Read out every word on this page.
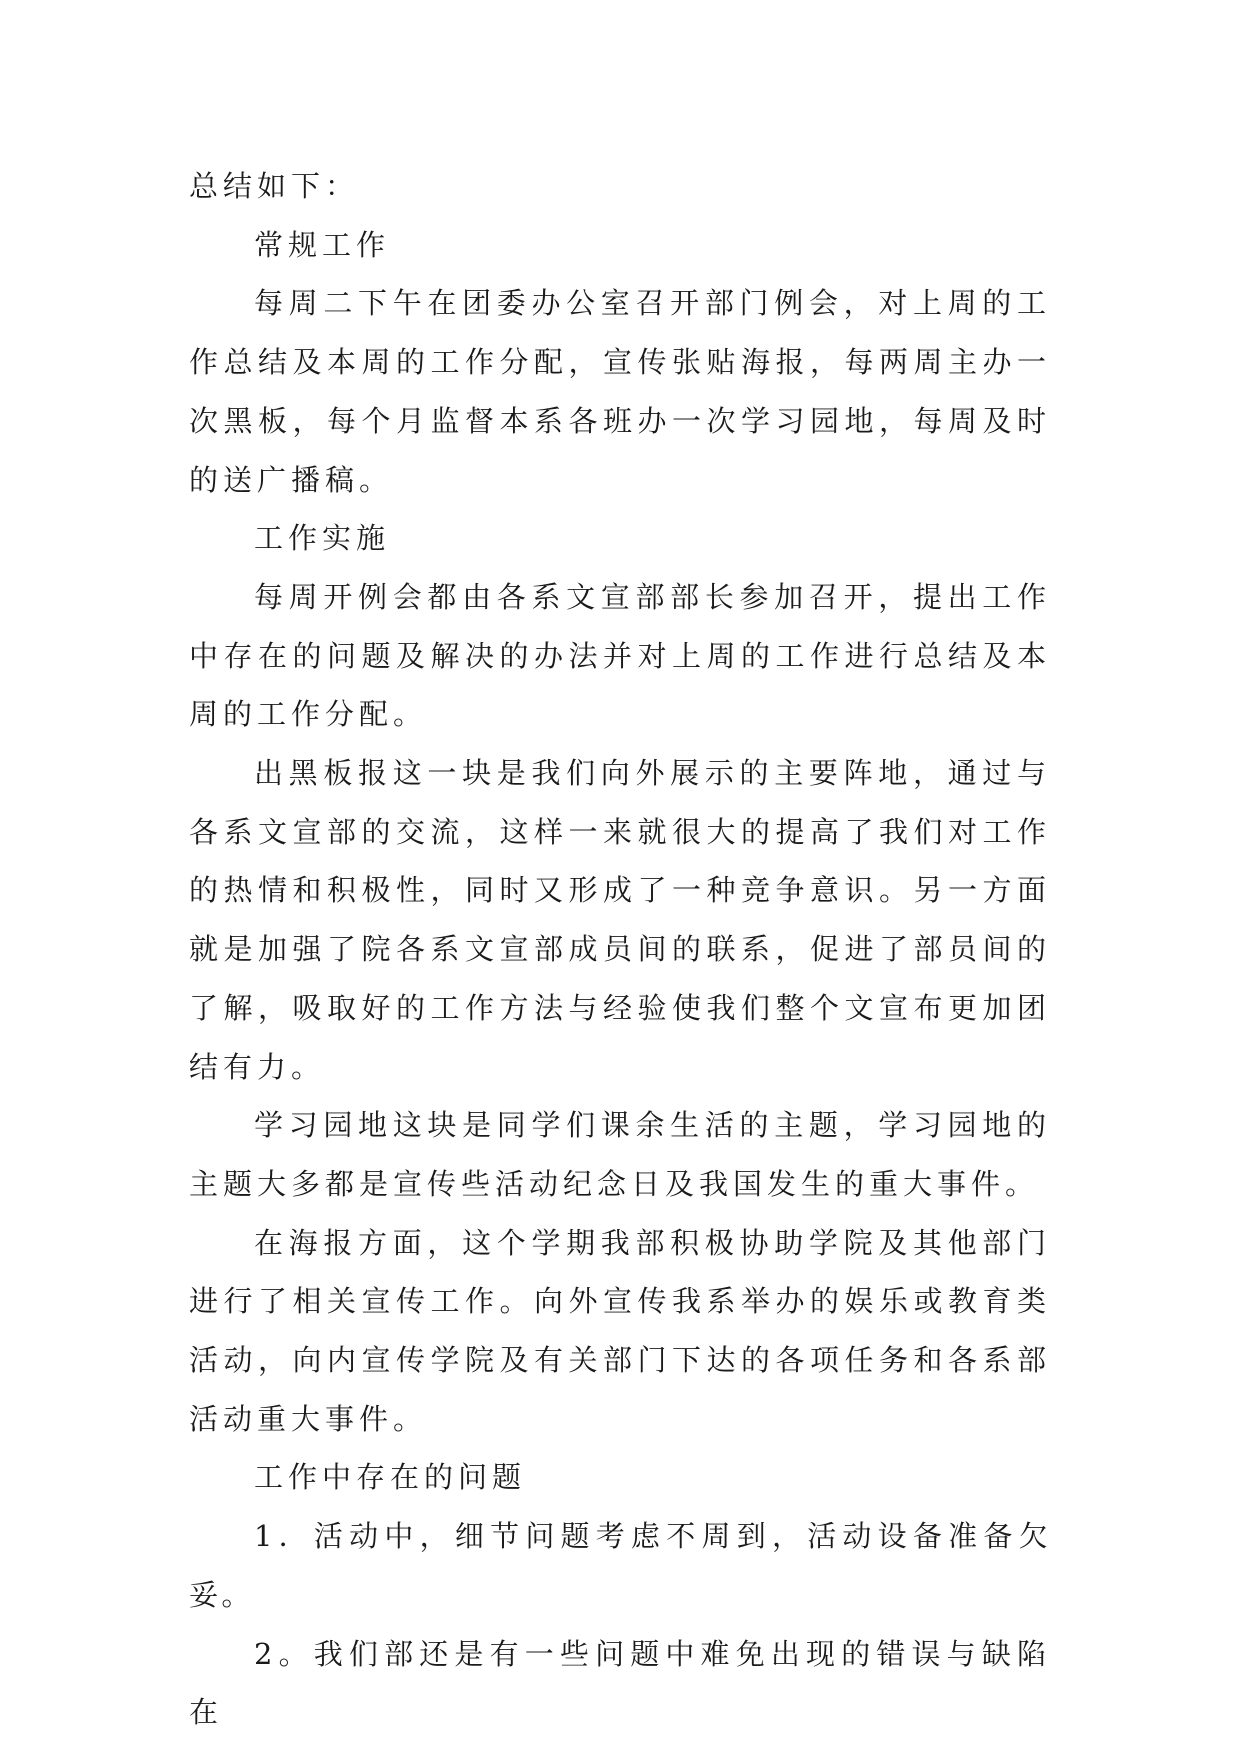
总结如下：

常规工作

每周二下午在团委办公室召开部门例会，对上周的工作总结及本周的工作分配，宣传张贴海报，每两周主办一次黑板，每个月监督本系各班办一次学习园地，每周及时的送广播稿。

工作实施

每周开例会都由各系文宣部部长参加召开，提出工作中存在的问题及解决的办法并对上周的工作进行总结及本周的工作分配。

出黑板报这一块是我们向外展示的主要阵地，通过与各系文宣部的交流，这样一来就很大的提高了我们对工作的热情和积极性，同时又形成了一种竞争意识。另一方面就是加强了院各系文宣部成员间的联系，促进了部员间的了解，吸取好的工作方法与经验使我们整个文宣布更加团结有力。

学习园地这块是同学们课余生活的主题，学习园地的主题大多都是宣传些活动纪念日及我国发生的重大事件。

在海报方面，这个学期我部积极协助学院及其他部门进行了相关宣传工作。向外宣传我系举办的娱乐或教育类活动，向内宣传学院及有关部门下达的各项任务和各系部活动重大事件。

工作中存在的问题

1．活动中，细节问题考虑不周到，活动设备准备欠妥。

2。我们部还是有一些问题中难免出现的错误与缺陷在
